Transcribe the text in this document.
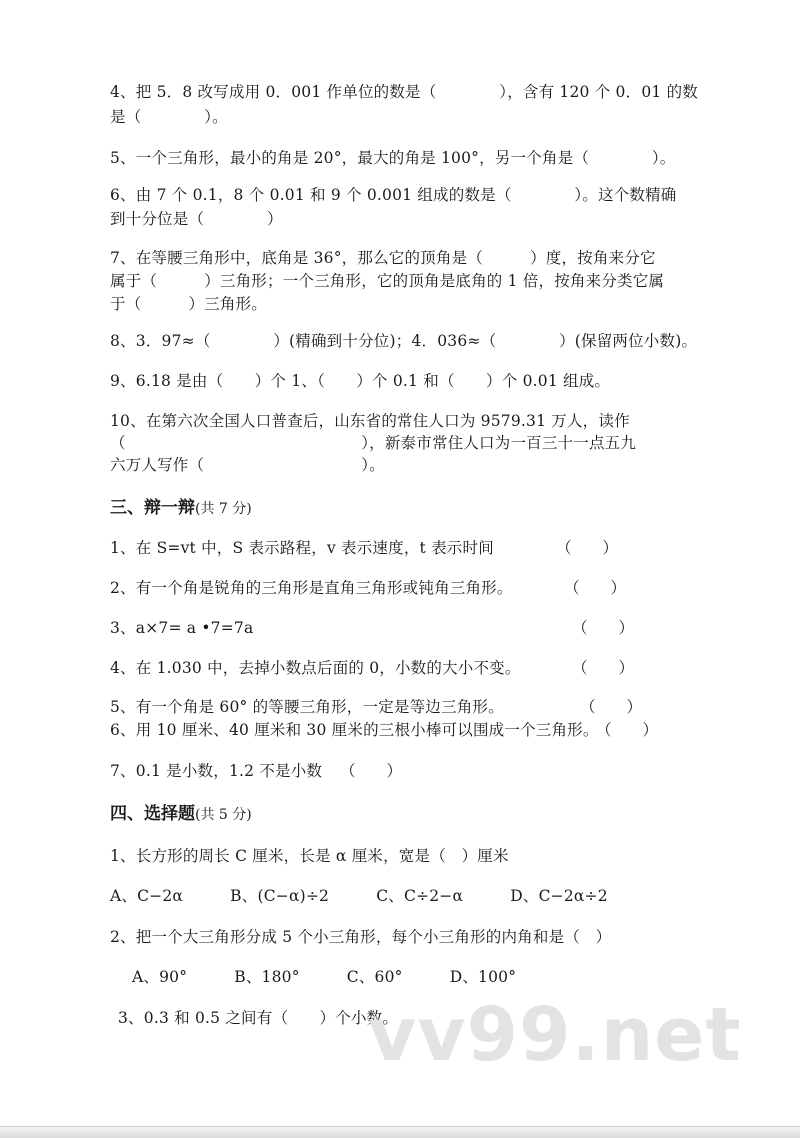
4、把 5．8 改写成用 0．001 作单位的数是（　　　　），含有 120 个 0．01 的数
是（　　　　）。
5、一个三角形，最小的角是 20°，最大的角是 100°，另一个角是（　　　　）。
6、由 7 个 0.1，8 个 0.01 和 9 个 0.001 组成的数是（　　　　）。这个数精确
到十分位是（　　　　）
7、在等腰三角形中，底角是 36°，那么它的顶角是（　　　）度，按角来分它
属于（　　　）三角形；一个三角形，它的顶角是底角的 1 倍，按角来分类它属
于（　　　）三角形。
8、3．97≈（　　　　）(精确到十分位)；4．036≈（　　　　）(保留两位小数)。
9、6.18 是由（　　）个 1、（　　）个 0.1 和（　　）个 0.01 组成。
10、在第六次全国人口普查后，山东省的常住人口为 9579.31 万人，读作
（　　　　　　　　　　　　　　　），新泰市常住人口为一百三十一点五九
六万人写作（　　　　　　　　　　）。
三、辩一辩(共 7 分)
1、在 S=vt 中，S 表示路程，v 表示速度，t 表示时间	（　　）
2、有一个角是锐角的三角形是直角三角形或钝角三角形。	（　　）
3、a×7= a •7=7a	（　　）
4、在 1.030 中，去掉小数点后面的 0，小数的大小不变。	（　　）
5、有一个角是 60° 的等腰三角形，一定是等边三角形。	（　　）
6、用 10 厘米、40 厘米和 30 厘米的三根小棒可以围成一个三角形。
（　　）
7、0.1 是小数，1.2 不是小数	（　　）
四、选择题(共 5 分)
1、长方形的周长 C 厘米，长是 α 厘米，宽是（　）厘米
A、C−2α　　　B、(C−α)÷2　　　C、C÷2−α　　　D、C−2α÷2
2、把一个大三角形分成 5 个小三角形，每个小三角形的内角和是（　）
A、90°　　　B、180°　　　C、60°　　　D、100°
3、0.3 和 0.5 之间有（　　）个小数。
vv99.net
